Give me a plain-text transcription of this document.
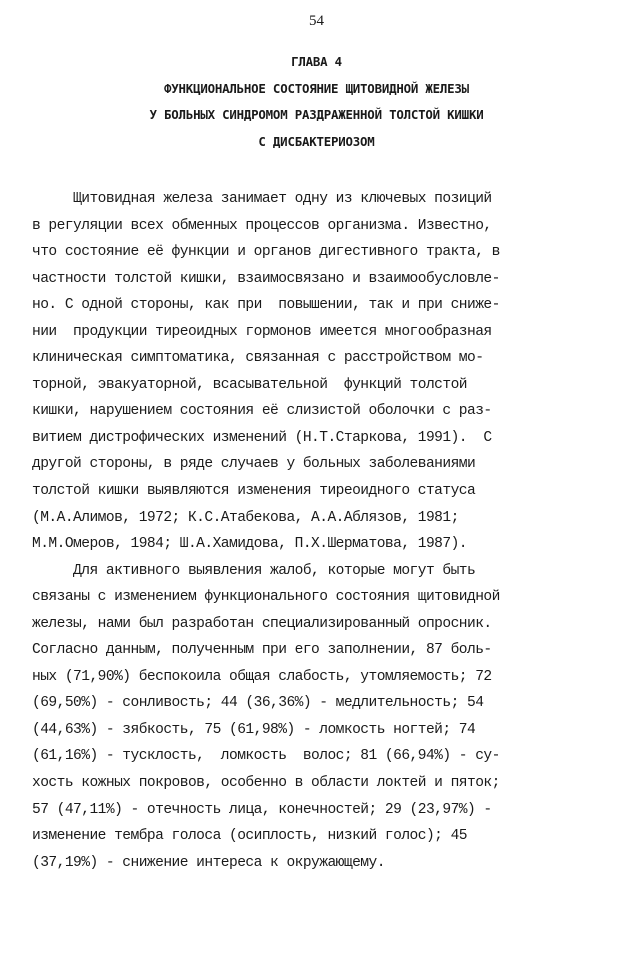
54
ГЛАВА 4
ФУНКЦИОНАЛЬНОЕ СОСТОЯНИЕ ЩИТОВИДНОЙ ЖЕЛЕЗЫ
У БОЛЬНЫХ СИНДРОМОМ РАЗДРАЖЕННОЙ ТОЛСТОЙ КИШКИ
С ДИСБАКТЕРИОЗОМ
Щитовидная железа занимает одну из ключевых позиций
в регуляции всех обменных процессов организма. Известно,
что состояние её функции и органов дигестивного тракта, в
частности толстой кишки, взаимосвязано и взаимообусловле-
но. С одной стороны, как при  повышении, так и при сниже-
нии  продукции тиреоидных гормонов имеется многообразная
клиническая симптоматика, связанная с расстройством мо-
торной, эвакуаторной, всасывательной  функций толстой
кишки, нарушением состояния её слизистой оболочки с раз-
витием дистрофических изменений (Н.Т.Старкова, 1991).  С
другой стороны, в ряде случаев у больных заболеваниями
толстой кишки выявляются изменения тиреоидного статуса
(М.А.Алимов, 1972; К.С.Атабекова, А.А.Аблязов, 1981;
М.М.Омеров, 1984; Ш.А.Хамидова, П.Х.Шерматова, 1987).
Для активного выявления жалоб, которые могут быть
связаны с изменением функционального состояния щитовидной
железы, нами был разработан специализированный опросник.
Согласно данным, полученным при его заполнении, 87 боль-
ных (71,90%) беспокоила общая слабость, утомляемость; 72
(69,50%) - сонливость; 44 (36,36%) - медлительность; 54
(44,63%) - зябкость, 75 (61,98%) - ломкость ногтей; 74
(61,16%) - тусклость,  ломкость  волос; 81 (66,94%) - су-
хость кожных покровов, особенно в области локтей и пяток;
57 (47,11%) - отечность лица, конечностей; 29 (23,97%) -
изменение тембра голоса (осиплость, низкий голос); 45
(37,19%) - снижение интереса к окружающему.
